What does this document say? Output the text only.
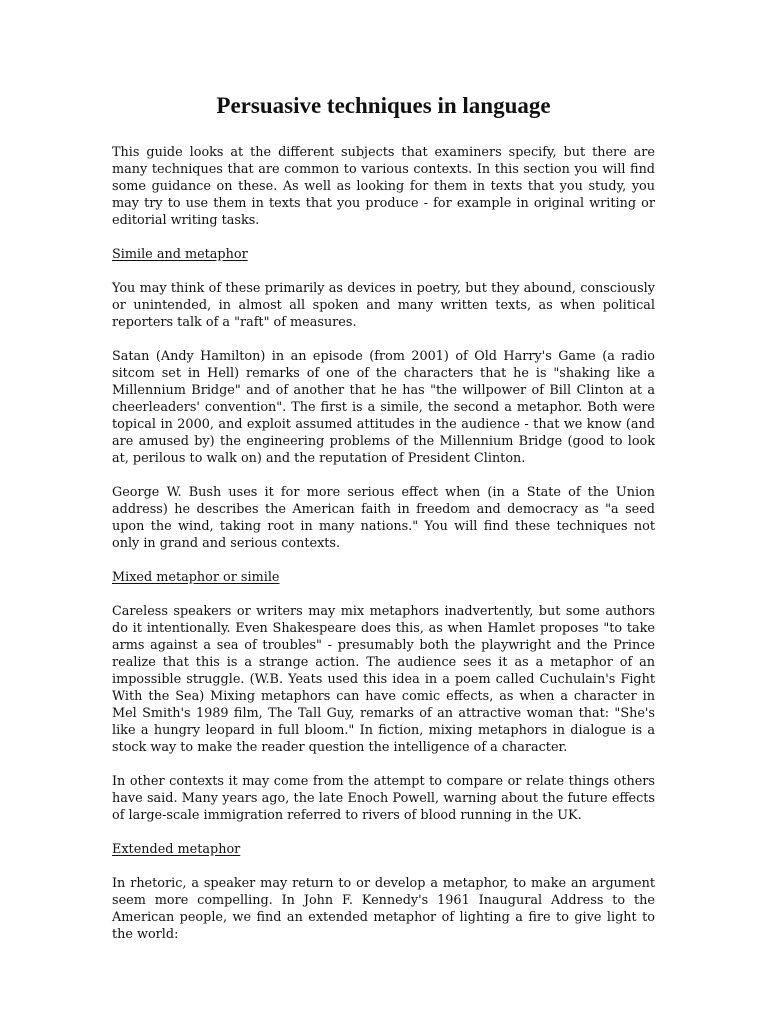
Persuasive techniques in language

This guide looks at the different subjects that examiners specify, but there are many techniques that are common to various contexts. In this section you will find some guidance on these. As well as looking for them in texts that you study, you may try to use them in texts that you produce - for example in original writing or editorial writing tasks.

Simile and metaphor

You may think of these primarily as devices in poetry, but they abound, consciously or unintended, in almost all spoken and many written texts, as when political reporters talk of a "raft" of measures.

Satan (Andy Hamilton) in an episode (from 2001) of Old Harry's Game (a radio sitcom set in Hell) remarks of one of the characters that he is "shaking like a Millennium Bridge" and of another that he has "the willpower of Bill Clinton at a cheerleaders' convention". The first is a simile, the second a metaphor. Both were topical in 2000, and exploit assumed attitudes in the audience - that we know (and are amused by) the engineering problems of the Millennium Bridge (good to look at, perilous to walk on) and the reputation of President Clinton.

George W. Bush uses it for more serious effect when (in a State of the Union address) he describes the American faith in freedom and democracy as "a seed upon the wind, taking root in many nations." You will find these techniques not only in grand and serious contexts.

Mixed metaphor or simile

Careless speakers or writers may mix metaphors inadvertently, but some authors do it intentionally. Even Shakespeare does this, as when Hamlet proposes "to take arms against a sea of troubles" - presumably both the playwright and the Prince realize that this is a strange action. The audience sees it as a metaphor of an impossible struggle. (W.B. Yeats used this idea in a poem called Cuchulain's Fight With the Sea) Mixing metaphors can have comic effects, as when a character in Mel Smith's 1989 film, The Tall Guy, remarks of an attractive woman that: "She's like a hungry leopard in full bloom." In fiction, mixing metaphors in dialogue is a stock way to make the reader question the intelligence of a character.

In other contexts it may come from the attempt to compare or relate things others have said. Many years ago, the late Enoch Powell, warning about the future effects of large-scale immigration referred to rivers of blood running in the UK.

Extended metaphor

In rhetoric, a speaker may return to or develop a metaphor, to make an argument seem more compelling. In John F. Kennedy's 1961 Inaugural Address to the American people, we find an extended metaphor of lighting a fire to give light to the world:
